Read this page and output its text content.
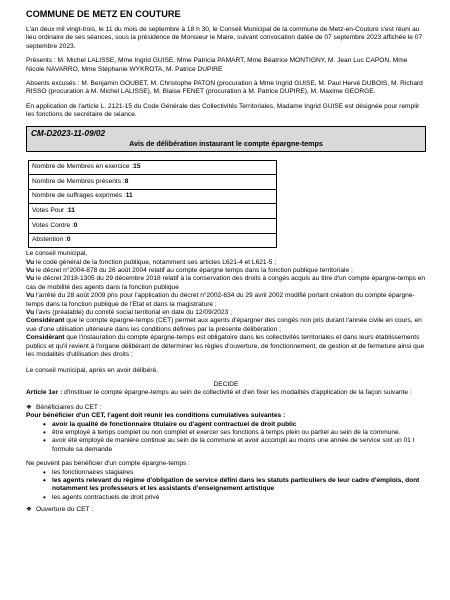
COMMUNE DE METZ EN COUTURE

L'an deux mil vingt-trois, le 11 du mois de septembre à 18 h 30, le Conseil Municipal de la commune de Metz-en-Couture s'est réuni au lieu ordinaire de ses séances, sous la présidence de Monsieur le Maire, suivant convocation datée de 07 septembre 2023 affichée le 07 septembre 2023.

Présents : M. Michel LALISSE, Mme Ingrid GUISE, Mme Patricia PAMART, Mme Béatrice MONTIGNY, M. Jean Luc CAPON, Mme Nicole NAVARRO, Mme Stéphanie WYKROTA, M. Patrice DUPIRE

Absents excusés : M. Benjamin GOUBET, M. Christophe PATON (procuration à Mme Ingrid GUISE, M. Paul Hervé DUBOIS, M. Richard RISSO (procuration à M. Michel LALISSE), M. Blaise FENET (procuration à M. Patrice DUPIRE), M. Maxime GEORGE.

En application de l'article L. 2121-15 du Code Générale des Collectivités Territoriales, Madame Ingrid GUISE est désignée pour remplir les fonctions de secrétaire de séance.

CM-D2023-11-09/02
Avis de délibération instaurant le compte épargne-temps
Nombre de Membres en exercice : 15
Nombre de Membres présents : 8
Nombre de suffrages exprimés : 11
Votes Pour : 11
Votes Contre : 0
Abstention : 0

Le conseil municipal,

Vu le code général de la fonction publique, notamment ses articles L621-4 et L621-5 ;

Vu le décret n°2004-878 du 26 août 2004 relatif au compte épargne temps dans la fonction publique territoriale ;

Vu le décret 2018-1305 du 29 décembre 2018 relatif à la conservation des droits à congés acquis au titre d'un compte épargne-temps en cas de mobilité des agents dans la fonction publique

Vu l'arrêté du 28 août 2009 pris pour l'application du décret n°2002-634 du 29 avril 2002 modifié portant création du compte épargne-temps dans la fonction publique de l'Etat et dans la magistrature ;

Vu l'avis (préalable) du comité social territorial en date du 12/09/2023 ;

Considérant que le compte épargne-temps (CET) permet aux agents d'épargner des congés non pris durant l'année civile en cours, en vue d'une utilisation ultérieure dans les conditions définies par la présente délibération ;

Considérant que l'instauration du compte épargne-temps est obligatoire dans les collectivités territoriales et dans leurs établissements publics et qu'il revient à l'organe délibérant de déterminer les règles d'ouverture, de fonctionnement, de gestion et de fermeture ainsi que les modalités d'utilisation des droits ;

Le conseil municipal, après en avoir délibéré,

DECIDE

Article 1er : d'instituer le compte épargne-temps au sein de collectivité et d'en fixer les modalités d'application de la façon suivante :

❖ Bénéficiaires du CET :
Pour bénéficier d'un CET, l'agent doit réunir les conditions cumulatives suivantes :
• avoir la qualité de fonctionnaire titulaire ou d'agent contractuel de droit public
• être employé à temps complet ou non complet et exercer ses fonctions à temps plein ou partiel au sein de la commune.
• avoir été employé de manière continue au sein de la commune et avoir accompli au moins une année de service soit un 01 l formule sa demande
Ne peuvent pas bénéficier d'un compte épargne-temps :
• les fonctionnaires stagiaires
• les agents relevant du régime d'obligation de service défini dans les statuts particuliers de leur cadre d'emplois, dont notamment les professeurs et les assistants d'enseignement artistique
• les agents contractuels de droit privé
❖ Ouverture du CET :
